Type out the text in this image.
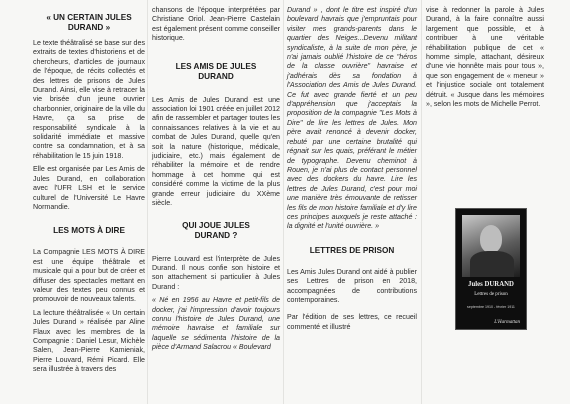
« UN CERTAIN JULES DURAND »

Le texte théâtralisé se base sur des extraits de textes d'historiens et de chercheurs, d'articles de journaux de l'époque, de récits collectés et des lettres de prisons de Jules Durand. Ainsi, elle vise à retracer la vie brisée d'un jeune ouvrier charbonnier, originaire de la ville du Havre, ça sa prise de responsabilité syndicale à la solidarité immédiate et massive contre sa condamnation, et à sa réhabilitation le 15 juin 1918.

Elle est organisée par Les Amis de Jules Durand, en collaboration avec l'UFR LSH et le service culturel de l'Université Le Havre Normandie.

LES MOTS À DIRE

La Compagnie LES MOTS À DIRE est une équipe théâtrale et musicale qui a pour but de créer et diffuser des spectacles mettant en valeur des textes peu connus et promouvoir de nouveaux talents.

La lecture théâtralisée « Un certain Jules Durand » réalisée par Aline Flaux avec les membres de la Compagnie : Daniel Lesur, Michèle Salen, Jean-Pierre Kamieniak, Pierre Louvard, Rémi Picard. Elle sera illustrée à travers des

chansons de l'époque interprétées par Christiane Oriol. Jean-Pierre Castelain est également présent comme conseiller historique.

LES AMIS DE JULES DURAND

Les Amis de Jules Durand est une association loi 1901 créée en juillet 2012 afin de rassembler et partager toutes les connaissances relatives à la vie et au combat de Jules Durand, quelle qu'en soit la nature (historique, médicale, judiciaire, etc.) mais également de réhabiliter la mémoire et de rendre hommage à cet homme qui est considéré comme la victime de la plus grande erreur judiciaire du XXème siècle.

QUI JOUE JULES DURAND ?

Pierre Louvard est l'interprète de Jules Durand. Il nous confie son histoire et son attachement si particulier à Jules Durand :

« Né en 1956 au Havre et petit-fils de docker, j'ai l'impression d'avoir toujours connu l'histoire de Jules Durand, une mémoire havraise et familiale sur laquelle se sédimenta l'histoire de la pièce d'Armand Salacrou « Boulevard

Durand » , dont le titre est inspiré d'un boulevard havrais que j'empruntais pour visiter mes grands-parents dans le quartier des Neiges...Devenu militant syndicaliste, à la suite de mon père, je n'ai jamais oublié l'histoire de ce "héros de la classe ouvrière" havraise et j'adhérais dès sa fondation à l'Association des Amis de Jules Durand. Ce fut avec grande fierté et un peu d'appréhension que j'acceptais la proposition de la compagnie "Les Mots à Dire" de lire les lettres de Jules. Mon père avait renoncé à devenir docker, rebuté par une certaine brutalité qui régnait sur les quais, préférant le métier de typographe. Devenu cheminot à Rouen, je n'ai plus de contact personnel avec des dockers du havre. Lire les lettres de Jules Durand, c'est pour moi une manière très émouvante de retisser les fils de mon histoire familiale et d'y lire ces principes auxquels je reste attaché : la dignité et l'unité ouvrière. »

LETTRES DE PRISON

Les Amis Jules Durand ont aidé à publier ses Lettres de prison en 2018, accompagnées de contributions contemporaines.

Par l'édition de ses lettres, ce recueil commenté et illustré

vise à redonner la parole à Jules Durand, à la faire connaître aussi largement que possible, et à contribuer à une véritable réhabilitation publique de cet « homme simple, attachant, désireux d'une vie honnête mais pour tous », que son engagement de « meneur » et l'injustice sociale ont totalement détruit. « Jusque dans les mémoires », selon les mots de Michelle Perrot.

Jules DURAND
Lettres de prison
septembre 1910 - février 1911
L'Harmattan
